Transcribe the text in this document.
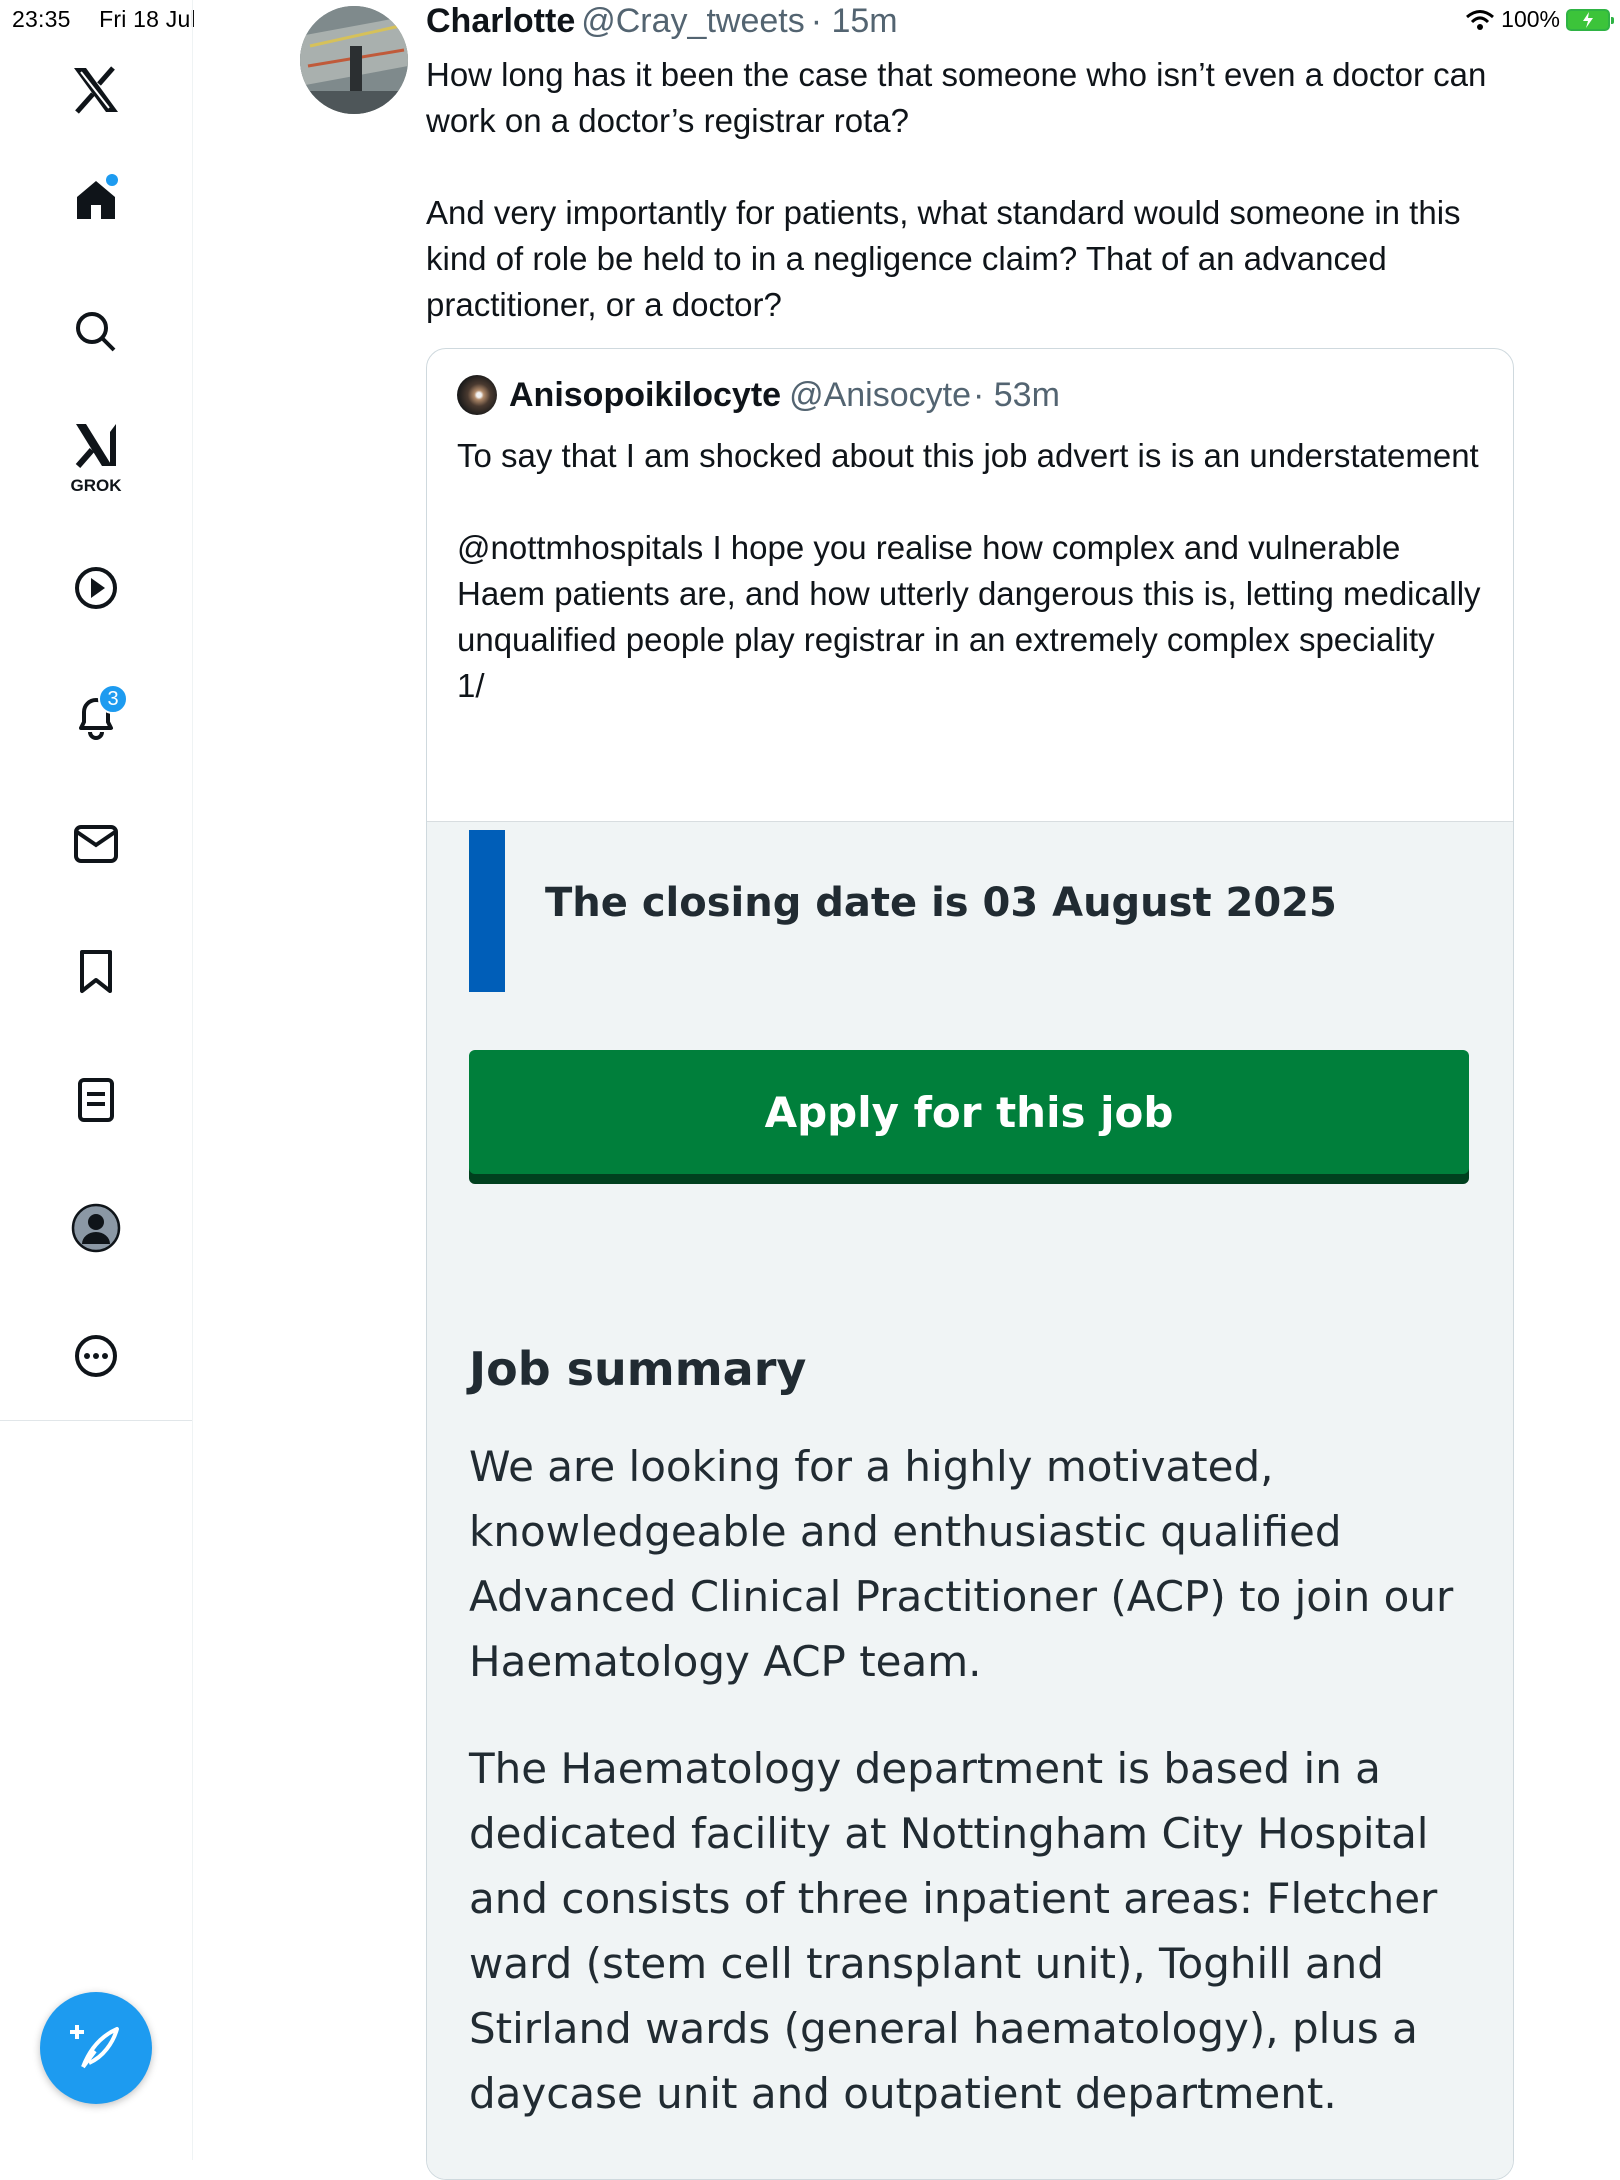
23:35 Fri 18 Jul	100%
GROK
3
Charlotte @Cray_tweets · 15m

How long has it been the case that someone who isn’t even a doctor can work on a doctor’s registrar rota?

And very importantly for patients, what standard would someone in this kind of role be held to in a negligence claim? That of an advanced practitioner, or a doctor?

Anisopoikilocyte @Anisocyte · 53m

To say that I am shocked about this job advert is is an understatement

@nottmhospitals I hope you realise how complex and vulnerable Haem patients are, and how utterly dangerous this is, letting medically unqualified people play registrar in an extremely complex speciality
1/

The closing date is 03 August 2025
Apply for this job
Job summary

We are looking for a highly motivated, knowledgeable and enthusiastic qualified Advanced Clinical Practitioner (ACP) to join our Haematology ACP team.

The Haematology department is based in a dedicated facility at Nottingham City Hospital and consists of three inpatient areas: Fletcher ward (stem cell transplant unit), Toghill and Stirland wards (general haematology), plus a daycase unit and outpatient department.
